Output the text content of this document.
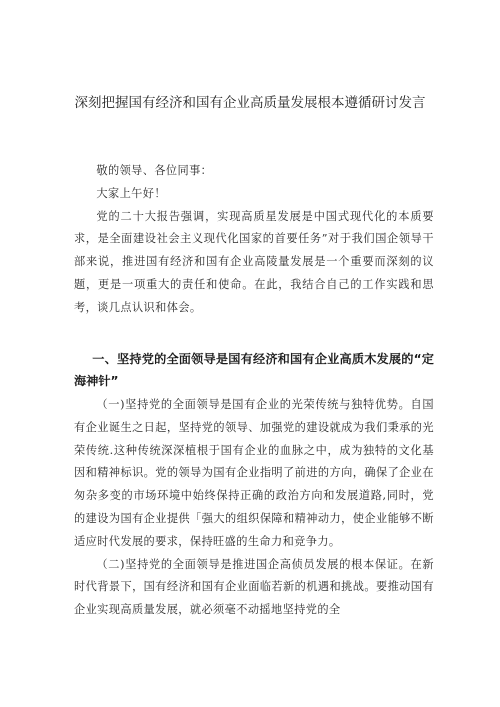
深刻把握国有经济和国有企业高质量发展根本遵循研讨发言

敬的领导、各位同事：

大家上午好！

党的二十大报告强调，实现高质星发展是中国式现代化的本质要求，是全面建设社会主义现代化国家的首要任务”对于我们国企领导干部来说，推进国有经济和国有企业高陵量发展是一个重要而深刻的议题，更是一项重大的责任和使命。在此，我结合自己的工作实践和思考，谈几点认识和体会。

一、坚持党的全面领导是国有经济和国有企业高质木发展的“定海神针”

（一)坚持党的全面领导是国有企业的光荣传统与独特优势。自国有企业诞生之日起，坚持党的领导、加强党的建设就成为我们秉承的光荣传统.这种传统深深植根于国有企业的血脉之中，成为独特的文化基因和精神标识。党的领导为国有企业指明了前进的方向，确保了企业在匆杂多变的市场环境中始终保持正确的政治方向和发展道路,同时，党的建设为国有企业提供「强大的组织保障和精神动力，使企业能够不断适应时代发展的要求，保持旺盛的生命力和竞争力。

（二)坚持党的全面领导是推进国企高侦员发展的根本保证。在新时代背景下，国有经济和国有企业面临若新的机遇和挑战。要推动国有企业实现高质量发展，就必须毫不动摇地坚持党的全
